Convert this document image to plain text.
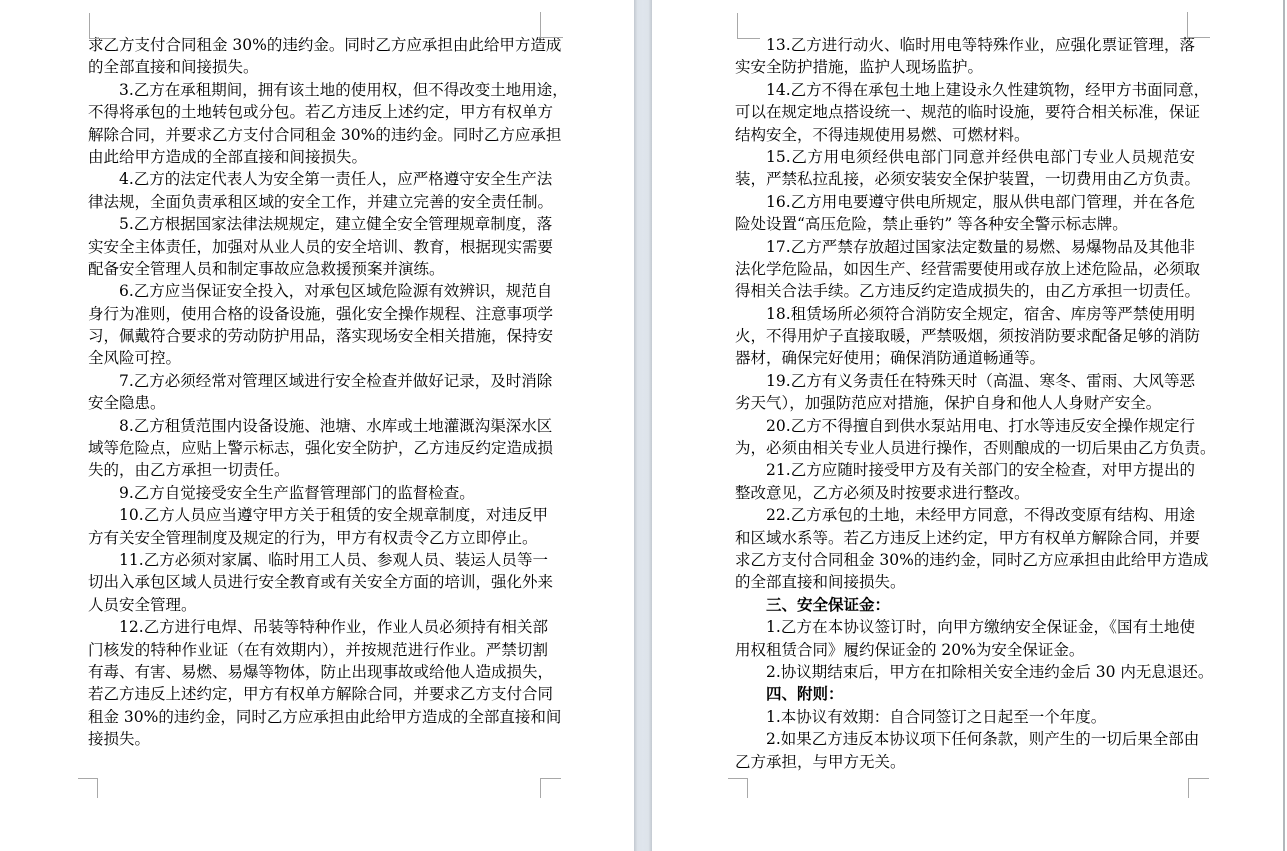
求乙方支付合同租金 30%的违约金。同时乙方应承担由此给甲方造成
的全部直接和间接损失。
3.乙方在承租期间，拥有该土地的使用权，但不得改变土地用途，
不得将承包的土地转包或分包。若乙方违反上述约定，甲方有权单方
解除合同，并要求乙方支付合同租金 30%的违约金。同时乙方应承担
由此给甲方造成的全部直接和间接损失。
4.乙方的法定代表人为安全第一责任人，应严格遵守安全生产法
律法规，全面负责承租区域的安全工作，并建立完善的安全责任制。
5.乙方根据国家法律法规规定，建立健全安全管理规章制度，落
实安全主体责任，加强对从业人员的安全培训、教育，根据现实需要
配备安全管理人员和制定事故应急救援预案并演练。
6.乙方应当保证安全投入，对承包区域危险源有效辨识，规范自
身行为准则，使用合格的设备设施，强化安全操作规程、注意事项学
习，佩戴符合要求的劳动防护用品，落实现场安全相关措施，保持安
全风险可控。
7.乙方必须经常对管理区域进行安全检查并做好记录，及时消除
安全隐患。
8.乙方租赁范围内设备设施、池塘、水库或土地灌溉沟渠深水区
域等危险点，应贴上警示标志，强化安全防护，乙方违反约定造成损
失的，由乙方承担一切责任。
9.乙方自觉接受安全生产监督管理部门的监督检查。
10.乙方人员应当遵守甲方关于租赁的安全规章制度，对违反甲
方有关安全管理制度及规定的行为，甲方有权责令乙方立即停止。
11.乙方必须对家属、临时用工人员、参观人员、装运人员等一
切出入承包区域人员进行安全教育或有关安全方面的培训，强化外来
人员安全管理。
12.乙方进行电焊、吊装等特种作业，作业人员必须持有相关部
门核发的特种作业证（在有效期内），并按规范进行作业。严禁切割
有毒、有害、易燃、易爆等物体，防止出现事故或给他人造成损失，
若乙方违反上述约定，甲方有权单方解除合同，并要求乙方支付合同
租金 30%的违约金，同时乙方应承担由此给甲方造成的全部直接和间
接损失。
13.乙方进行动火、临时用电等特殊作业，应强化票证管理，落
实安全防护措施，监护人现场监护。
14.乙方不得在承包土地上建设永久性建筑物，经甲方书面同意，
可以在规定地点搭设统一、规范的临时设施，要符合相关标准，保证
结构安全，不得违规使用易燃、可燃材料。
15.乙方用电须经供电部门同意并经供电部门专业人员规范安
装，严禁私拉乱接，必须安装安全保护装置，一切费用由乙方负责。
16.乙方用电要遵守供电所规定，服从供电部门管理，并在各危
险处设置“高压危险，禁止垂钓” 等各种安全警示标志牌。
17.乙方严禁存放超过国家法定数量的易燃、易爆物品及其他非
法化学危险品，如因生产、经营需要使用或存放上述危险品，必须取
得相关合法手续。乙方违反约定造成损失的，由乙方承担一切责任。
18.租赁场所必须符合消防安全规定，宿舍、库房等严禁使用明
火，不得用炉子直接取暖，严禁吸烟，须按消防要求配备足够的消防
器材，确保完好使用；确保消防通道畅通等。
19.乙方有义务责任在特殊天时（高温、寒冬、雷雨、大风等恶
劣天气），加强防范应对措施，保护自身和他人人身财产安全。
20.乙方不得擅自到供水泵站用电、打水等违反安全操作规定行
为，必须由相关专业人员进行操作，否则酿成的一切后果由乙方负责。
21.乙方应随时接受甲方及有关部门的安全检查，对甲方提出的
整改意见，乙方必须及时按要求进行整改。
22.乙方承包的土地，未经甲方同意，不得改变原有结构、用途
和区域水系等。若乙方违反上述约定，甲方有权单方解除合同，并要
求乙方支付合同租金 30%的违约金，同时乙方应承担由此给甲方造成
的全部直接和间接损失。
三、安全保证金：
1.乙方在本协议签订时，向甲方缴纳安全保证金，《国有土地使
用权租赁合同》履约保证金的 20%为安全保证金。
2.协议期结束后，甲方在扣除相关安全违约金后 30 内无息退还。
四、附则：
1.本协议有效期：自合同签订之日起至一个年度。
2.如果乙方违反本协议项下任何条款，则产生的一切后果全部由
乙方承担，与甲方无关。
